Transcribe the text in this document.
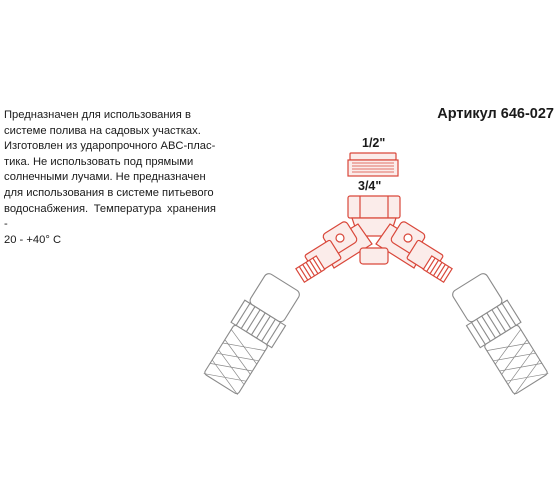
Предназначен для использования в
системе полива на садовых участках.
Изготовлен из ударопрочного ABC-плас-
тика. Не использовать под прямыми
солнечными лучами. Не предназначен
для использования в системе питьевого
водоснабжения. Температура хранения -
20 - +40° C

Артикул 646-027
1/2"
3/4"
